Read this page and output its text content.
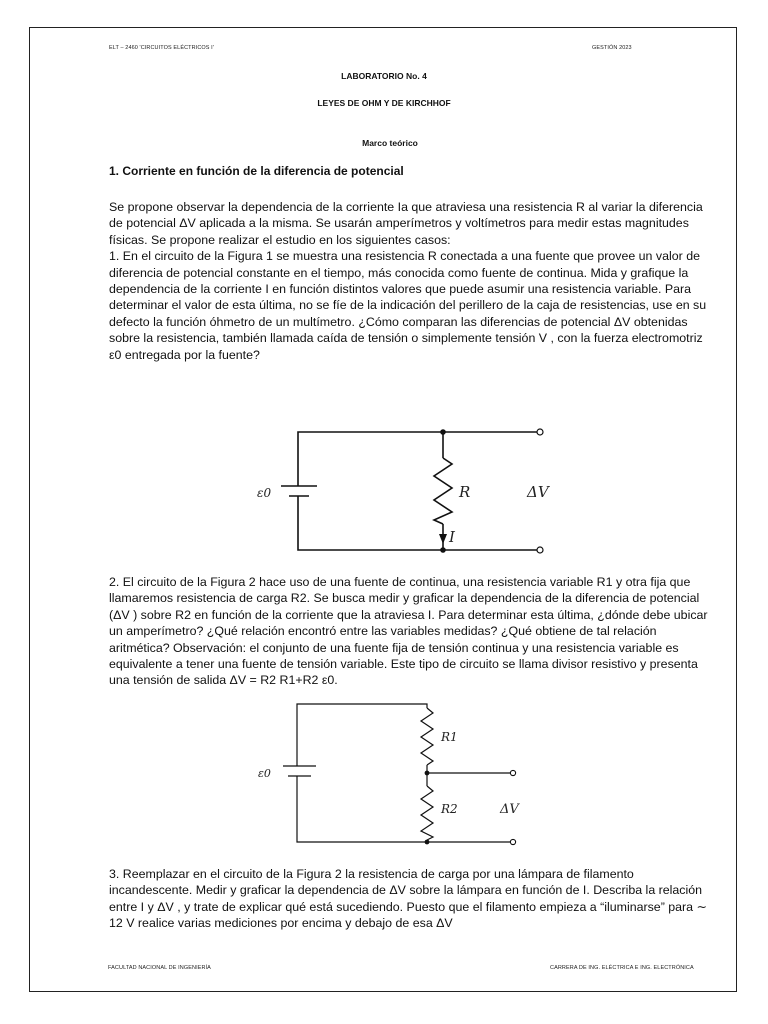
ELT – 2460 'CIRCUITOS ELÉCTRICOS I'	GESTIÓN 2023
LABORATORIO No. 4
LEYES DE OHM Y DE KIRCHHOF
Marco teórico
1. Corriente en función de la diferencia de potencial
Se propone observar la dependencia de la corriente Ia que atraviesa una resistencia R al variar la diferencia
de potencial ΔV aplicada a la misma. Se usarán amperímetros y voltímetros para medir estas magnitudes
físicas. Se propone realizar el estudio en los siguientes casos:
1. En el circuito de la Figura 1 se muestra una resistencia R conectada a una fuente que provee un valor de
diferencia de potencial constante en el tiempo, más conocida como fuente de continua. Mida y grafique la
dependencia de la corriente I en función distintos valores que puede asumir una resistencia variable. Para
determinar el valor de esta última, no se fíe de la indicación del perillero de la caja de resistencias, use en su
defecto la función óhmetro de un multímetro. ¿Cómo comparan las diferencias de potencial ΔV obtenidas
sobre la resistencia, también llamada caída de tensión o simplemente tensión V , con la fuerza electromotriz
ε0 entregada por la fuente?
ε0	R
I
ΔV
2. El circuito de la Figura 2 hace uso de una fuente de continua, una resistencia variable R1 y otra fija que
llamaremos resistencia de carga R2. Se busca medir y graficar la dependencia de la diferencia de potencial
(ΔV ) sobre R2 en función de la corriente que la atraviesa I. Para determinar esta última, ¿dónde debe ubicar
un amperímetro? ¿Qué relación encontró entre las variables medidas? ¿Qué obtiene de tal relación
aritmética? Observación: el conjunto de una fuente fija de tensión continua y una resistencia variable es
equivalente a tener una fuente de tensión variable. Este tipo de circuito se llama divisor resistivo y presenta
una tensión de salida ΔV = R2 R1+R2 ε0.
ε0
R1
R2	ΔV
3. Reemplazar en el circuito de la Figura 2 la resistencia de carga por una lámpara de filamento
incandescente. Medir y graficar la dependencia de ΔV sobre la lámpara en función de I. Describa la relación
entre I y ΔV , y trate de explicar qué está sucediendo. Puesto que el filamento empieza a “iluminarse” para ∼
12 V realice varias mediciones por encima y debajo de esa ΔV
FACULTAD NACIONAL DE INGENIERÍA	CARRERA DE ING. ELÉCTRICA E ING. ELECTRÓNICA
